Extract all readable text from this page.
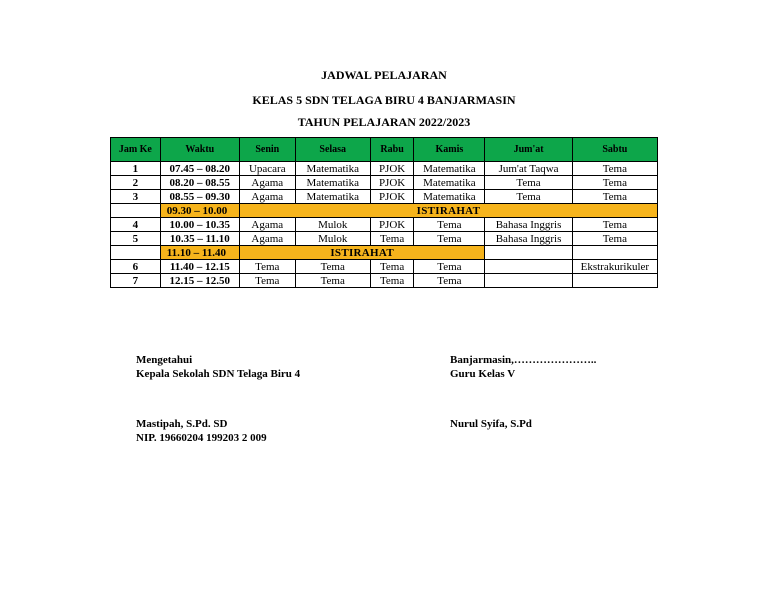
JADWAL PELAJARAN
KELAS 5 SDN TELAGA BIRU 4 BANJARMASIN
TAHUN PELAJARAN 2022/2023
Jam Ke	Waktu	Senin	Selasa	Rabu	Kamis	Jum'at	Sabtu
1	07.45 – 08.20	Upacara	Matematika	PJOK	Matematika	Jum'at Taqwa	Tema
2	08.20 – 08.55	Agama	Matematika	PJOK	Matematika	Tema	Tema
3	08.55 – 09.30	Agama	Matematika	PJOK	Matematika	Tema	Tema
	09.30 – 10.00	ISTIRAHAT					
4	10.00 – 10.35	Agama	Mulok	PJOK	Tema	Bahasa Inggris	Tema
5	10.35 – 11.10	Agama	Mulok	Tema	Tema	Bahasa Inggris	Tema
	11.10 – 11.40	ISTIRAHAT					
6	11.40 – 12.15	Tema	Tema	Tema	Tema		Ekstrakurikuler
7	12.15 – 12.50	Tema	Tema	Tema	Tema		
Mengetahui
Kepala Sekolah SDN Telaga Biru 4
Mastipah, S.Pd. SD
NIP. 19660204 199203 2 009
Banjarmasin,…………………..
Guru Kelas V
Nurul Syifa, S.Pd
